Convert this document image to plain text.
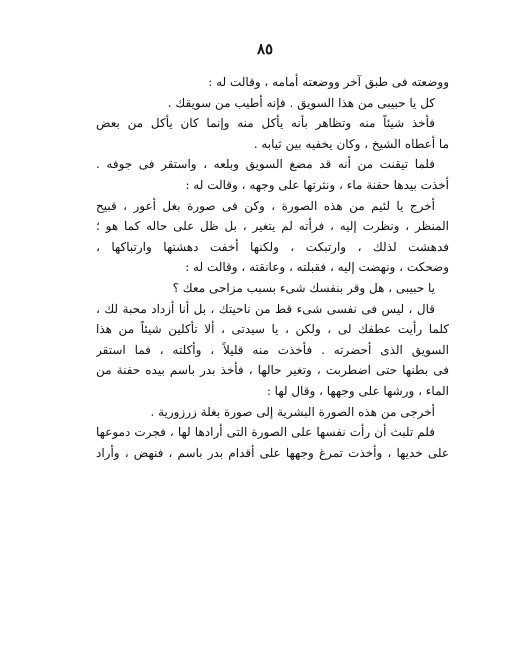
٨٥
ووضعته فى طبق آخر ووضعته أمامه ، وقالت له :
كل يا حبيبى من هذا السويق . فإنه أطيب من سويقك .
فأخذ شيئاً منه وتظاهر بأنه يأكل منه وإنما كان يأكل من بعض
ما أعطاه الشيخ ، وكان يخفيه بين ثيابه .
فلما تيقنت من أنه قد مضغ السويق وبلعه ، واستقر فى جوفه .
أخذت بيدها حفنة ماء ، ونثرتها على وجهه ، وقالت له :
أخرج يا لئيم من هذه الصورة ، وكن فى صورة بغل أعور ، قبيح
المنظر ، ونظرت إليه ، فرأته لم يتغير ، بل ظل على حاله كما هو ؛
فدهشت لذلك ، وارتبكت ، ولكنها أخفت دهشتها وارتباكها ،
وضحكت ، ونهضت إليه ، فقبلته ، وعانقته ، وقالت له :
يا حبيبى ، هل وقر بنفسك شىء بسبب مزاحى معك ؟
قال ، ليس فى نفسى شىء قط من ناحيتك ، بل أنا أزداد محبة لك ،
كلما رأيت عطفك لى ، ولكن ، يا سيدتى ، ألا تأكلين شيئاً من هذا
السويق الذى أحضرته . فأخذت منه قليلاً ، وأكلته ، فما استقر
فى بطنها حتى اضطربت ، وتغير حالها ، فأخذ بدر باسم بيده حفنة من
الماء ، ورشها على وجهها ، وقال لها :
أخرجى من هذه الصورة البشرية إلى صورة بغلة زرزورية .
فلم تلبث أن رأت نفسها على الصورة التى أرادها لها ، فجرت دموعها
على خديها ، وأخذت تمرغ وجهها على أقدام بدر باسم ، فنهض ، وأراد
